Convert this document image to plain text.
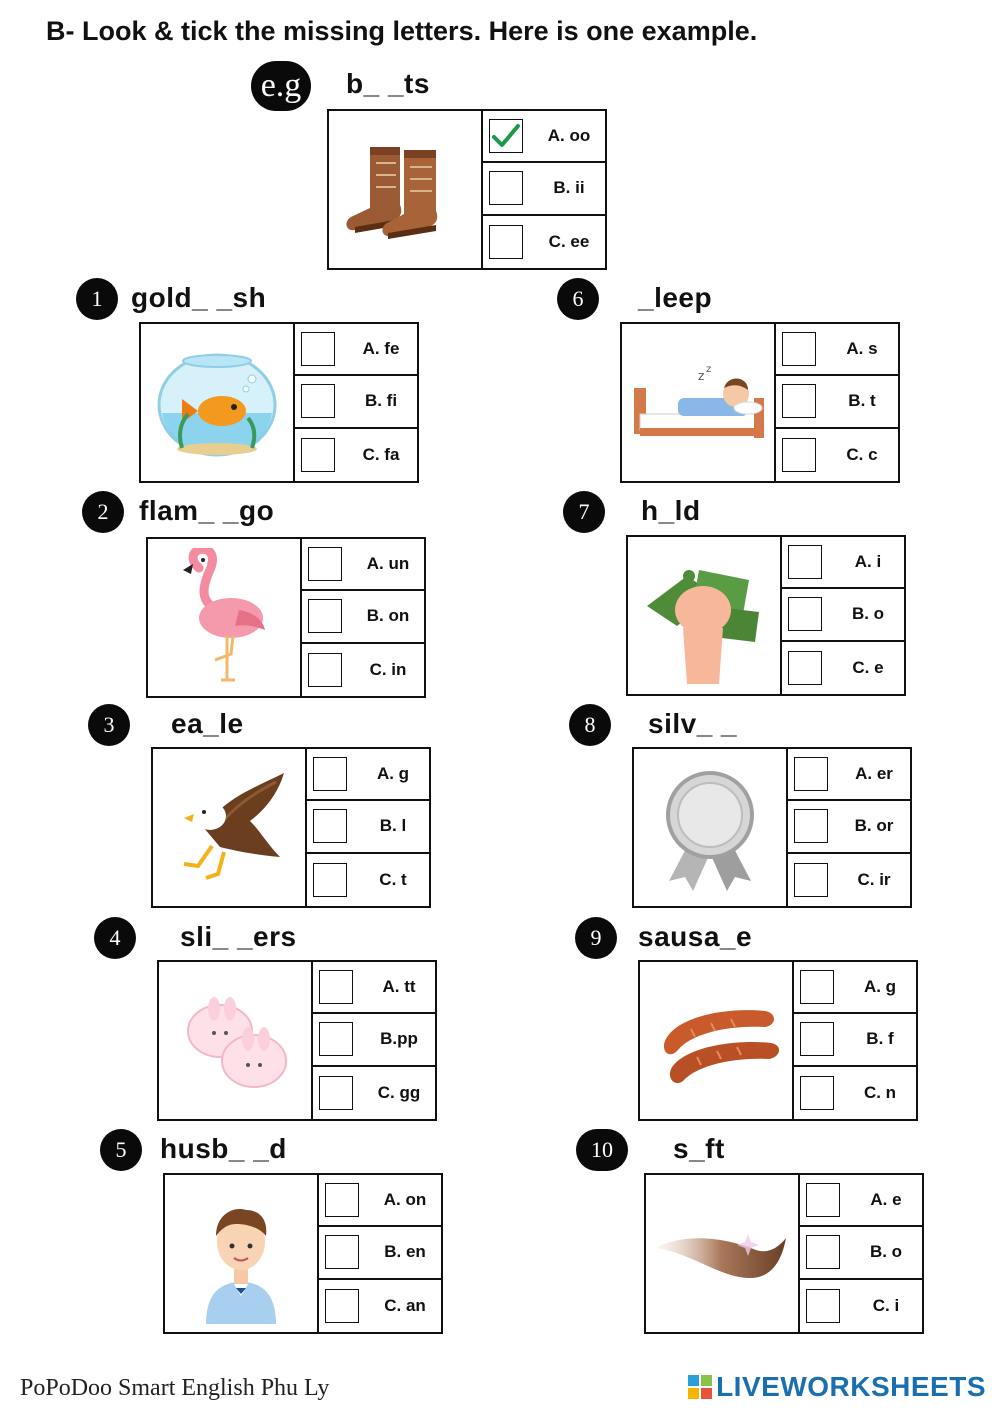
B- Look & tick the missing letters. Here is one example.
e.g	b_ _ts
A. oo
B. ii
C. ee
1	gold_ _sh
A. fe
B. fi
C. fa
2	flam_ _go
A. un
B. on
C. in
3	ea_le
A. g
B. l
C. t
4	sli_ _ers
A. tt
B.pp
C. gg
5	husb_ _d
A. on
B. en
C. an
6	_leep
z z
A. s
B. t
C. c
7	h_ld
A. i
B. o
C. e
8	silv_ _
A. er
B. or
C. ir
9	sausa_e
A. g
B. f
C. n
10	s_ft
A. e
B. o
C. i
PoPoDoo Smart English Phu Ly	LIVEWORKSHEETS
